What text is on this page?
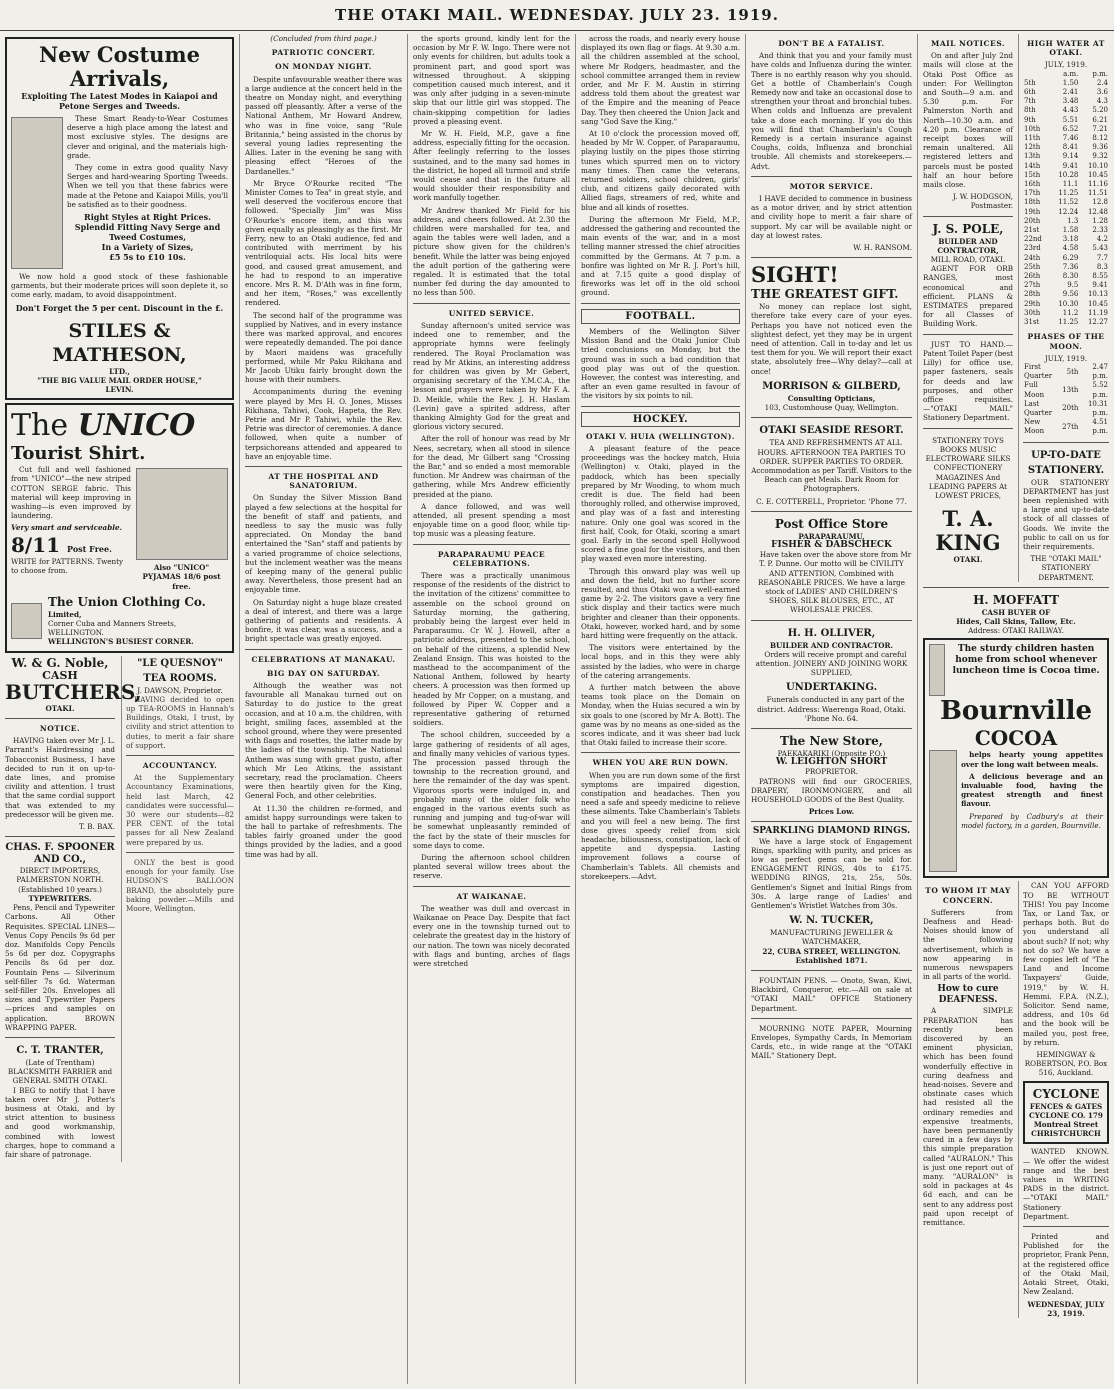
THE OTAKI MAIL. WEDNESDAY. JULY 23. 1919.
New Costume Arrivals,
Exploiting The Latest Modes in Kaiapoi and Petone Serges and Tweeds.

These Smart Ready-to-Wear Costumes deserve a high place among the latest and most exclusive styles. The designs are clever and original, and the materials high-grade.

They come in extra good quality Navy Serges and hard-wearing Sporting Tweeds. When we tell you that these fabrics were made at the Petone and Kaiapoi Mills, you'll be satisfied as to their goodness.

Right Styles at Right Prices.
Splendid Fitting Navy Serge and Tweed Costumes,
In a Variety of Sizes,
£5 5s to £10 10s.

We now hold a good stock of these fashionable garments, but their moderate prices will soon deplete it, so come early, madam, to avoid disappointment.

Don't Forget the 5 per cent. Discount in the £.
STILES & MATHESON,
LTD.,
"THE BIG VALUE MAIL ORDER HOUSE,"
LEVIN.
The UNICO
Tourist Shirt.

Cut full and well fashioned from "UNICO"—the new striped COTTON SERGE fabric. This material will keep improving in washing—is even improved by laundering.

Very smart and serviceable.
8/11 Post Free.
WRITE for PATTERNS. Twenty to choose from.	Also "UNICO" PYJAMAS 18/6 post free.
The Union Clothing Co.
Limited,
Corner Cuba and Manners Streets, WELLINGTON.
WELLINGTON'S BUSIEST CORNER.
W. & G. Noble,
CASH
BUTCHERS,
OTAKI.
NOTICE.

HAVING taken over Mr J. L. Parrant's Hairdressing and Tobacconist Business, I have decided to run it on up-to-date lines, and promise civility and attention. I trust that the same cordial support that was extended to my predecessor will be given me.

T. B. BAX.
CHAS. F. SPOONER AND CO.,
DIRECT IMPORTERS, PALMERSTON NORTH. (Established 10 years.)
TYPEWRITERS.

Pens, Pencil and Typewriter Carbons. All Other Requisites. SPECIAL LINES— Venus Copy Pencils 9s 6d per doz. Manifolds Copy Pencils 5s 6d per doz. Copygraphs Pencils 8s 6d per doz. Fountain Pens — Silverinum self-filler 7s 6d. Waterman self-filler 20s. Envelopes all sizes and Typewriter Papers—prices and samples on application. BROWN WRAPPING PAPER.

C. T. TRANTER,
(Late of Trentham) BLACKSMITH FARRIER and GENERAL SMITH OTAKI.

I BEG to notify that I have taken over Mr J. Potter's business at Otaki, and by strict attention to business and good workmanship, combined with lowest charges, hope to command a fair share of patronage.

"LE QUESNOY" TEA ROOMS.
J. DAWSON, Proprietor.

HAVING decided to open up TEA-ROOMS in Hannah's Buildings, Otaki, I trust, by civility and strict attention to duties, to merit a fair share of support.

ACCOUNTANCY.

At the Supplementary Accountancy Examinations, held last March, 42 candidates were successful—30 were our students—82 PER CENT. of the total passes for all New Zealand were prepared by us.

ONLY the best is good enough for your family. Use HUDSON'S BALLOON BRAND, the absolutely pure baking powder.—Mills and Moore, Wellington.

(Concluded from third page.)
PATRIOTIC CONCERT.
ON MONDAY NIGHT.

Despite unfavourable weather there was a large audience at the concert held in the theatre on Monday night, and everything passed off pleasantly. After a verse of the National Anthem, Mr Howard Andrew, who was in fine voice, sang "Rule Britannia," being assisted in the chorus by several young ladies representing the Allies. Later in the evening he sang with pleasing effect "Heroes of the Dardanelles."

Mr Bryce O'Rourke recited "The Minister Comes to Tea" in great style, and well deserved the vociferous encore that followed. "Specially Jim" was Miss O'Rourke's encore item, and this was given equally as pleasingly as the first. Mr Ferry, new to an Otaki audience, fed and contributed with merriment by his ventriloquial acts. His local hits were good, and caused great amusement, and he had to respond to an imperative encore. Mrs R. M. D'Ath was in fine form, and her item, "Roses," was excellently rendered.

The second half of the programme was supplied by Natives, and in every instance there was marked approval, and encores were repeatedly demanded. The poi dance by Maori maidens was gracefully performed, while Mr Paku Rikihana and Mr Jacob Utiku fairly brought down the house with their numbers.

Accompaniments during the evening were played by Mrs H. O. Jones, Misses Rikihana, Tahiwi, Cook, Hapeta, the Rev. Petrie and Mr P. Tahiwi, while the Rev. Petrie was director of ceremonies. A dance followed, when quite a number of terpsichoreans attended and appeared to have an enjoyable time.

AT THE HOSPITAL AND SANATORIUM.

On Sunday the Silver Mission Band played a few selections at the hospital for the benefit of staff and patients, and needless to say the music was fully appreciated. On Monday the band entertained the "San" staff and patients by a varied programme of choice selections, but the inclement weather was the means of keeping many of the general public away. Nevertheless, those present had an enjoyable time.

On Saturday night a huge blaze created a deal of interest, and there was a large gathering of patients and residents. A bonfire, it was clear, was a success, and a bright spectacle was greatly enjoyed.

CELEBRATIONS AT MANAKAU.
BIG DAY ON SATURDAY.

Although the weather was not favourable all Manakau turned out on Saturday to do justice to the great occasion, and at 10 a.m. the children, with bright, smiling faces, assembled at the school ground, where they were presented with flags and rosettes, the latter made by the ladies of the township. The National Anthem was sung with great gusto, after which Mr Leo Atkins, the assistant secretary, read the proclamation. Cheers were then heartily given for the King, General Foch, and other celebrities.

At 11.30 the children re-formed, and amidst happy surroundings were taken to the hall to partake of refreshments. The tables fairly groaned under the good things provided by the ladies, and a good time was had by all.

the sports ground, kindly lent for the occasion by Mr F. W. Ingo. There were not only events for children, but adults took a prominent part, and good sport was witnessed throughout. A skipping competition caused much interest, and it was only after judging in a seven-minute skip that our little girl was stopped. The chain-skipping competition for ladies proved a pleasing event.

Mr W. H. Field, M.P., gave a fine address, especially fitting for the occasion. After feelingly referring to the losses sustained, and to the many sad homes in the district, he hoped all turmoil and strife would cease and that in the future all would shoulder their responsibility and work manfully together.

Mr Andrew thanked Mr Field for his address, and cheers followed. At 2.30 the children were marshalled for tea, and again the tables were well laden, and a picture show given for the children's benefit. While the latter was being enjoyed the adult portion of the gathering were regaled. It is estimated that the total number fed during the day amounted to no less than 500.

UNITED SERVICE.

Sunday afternoon's united service was indeed one to remember, and the appropriate hymns were feelingly rendered. The Royal Proclamation was read by Mr Atkins, an interesting address for children was given by Mr Gebert, organising secretary of the Y.M.C.A., the lesson and prayers were taken by Mr F. A. D. Meikle, while the Rev. J. H. Haslam (Levin) gave a spirited address, after thanking Almighty God for the great and glorious victory secured.

After the roll of honour was read by Mr Nees, secretary, when all stood in silence for the dead, Mr Gilbert sang "Crossing the Bar," and so ended a most memorable function. Mr Andrew was chairman of the gathering, while Mrs Andrew efficiently presided at the piano.

A dance followed, and was well attended, all present spending a most enjoyable time on a good floor, while tip-top music was a pleasing feature.

PARAPARAUMU PEACE CELEBRATIONS.

There was a practically unanimous response of the residents of the district to the invitation of the citizens' committee to assemble on the school ground on Saturday morning, the gathering, probably being the largest ever held in Paraparaumu. Cr W. J. Howell, after a patriotic address, presented to the school, on behalf of the citizens, a splendid New Zealand Ensign. This was hoisted to the masthead to the accompaniment of the National Anthem, followed by hearty cheers. A procession was then formed up headed by Mr Copper, on a mustang, and followed by Piper W. Copper and a representative gathering of returned soldiers.

The school children, succeeded by a large gathering of residents of all ages, and finally many vehicles of various types. The procession passed through the township to the recreation ground, and here the remainder of the day was spent. Vigorous sports were indulged in, and probably many of the older folk who engaged in the various events such as running and jumping and tug-of-war will be somewhat unpleasantly reminded of the fact by the state of their muscles for some days to come.

During the afternoon school children planted several willow trees about the reserve.

AT WAIKANAE.

The weather was dull and overcast in Waikanae on Peace Day. Despite that fact every one in the township turned out to celebrate the greatest day in the history of our nation. The town was nicely decorated with flags and bunting, arches of flags were stretched

across the roads, and nearly every house displayed its own flag or flags. At 9.30 a.m. all the children assembled at the school, where Mr Rodgers, headmaster, and the school committee arranged them in review order, and Mr F. M. Austin in stirring address told them about the greatest war of the Empire and the meaning of Peace Day. They then cheered the Union Jack and sang "God Save the King."

At 10 o'clock the procession moved off, headed by Mr W. Copper, of Paraparaumu, playing lustily on the pipes those stirring tunes which spurred men on to victory many times. Then came the veterans, returned soldiers, school children, girls' club, and citizens gaily decorated with Allied flags, streamers of red, white and blue and all kinds of rosettes.

During the afternoon Mr Field, M.P., addressed the gathering and recounted the main events of the war, and in a most telling manner stressed the chief atrocities committed by the Germans. At 7 p.m. a bonfire was lighted on Mr R. J. Port's hill, and at 7.15 quite a good display of fireworks was let off in the old school ground.

FOOTBALL.

Members of the Wellington Silver Mission Band and the Otaki Junior Club tried conclusions on Monday, but the ground was in such a bad condition that good play was out of the question. However, the contest was interesting, and after an even game resulted in favour of the visitors by six points to nil.

HOCKEY.
OTAKI V. HUIA (WELLINGTON).

A pleasant feature of the peace proceedings was the hockey match, Huia (Wellington) v. Otaki, played in the paddock, which has been specially prepared by Mr Wooding, to whom much credit is due. The field had been thoroughly rolled, and otherwise improved, and play was of a fast and interesting nature. Only one goal was scored in the first half, Cook, for Otaki, scoring a smart goal. Early in the second spell Hollywood scored a fine goal for the visitors, and then play waxed even more interesting.

Through this onward play was well up and down the field, but no further score resulted, and thus Otaki won a well-earned game by 2-2. The visitors gave a very fine stick display and their tactics were much brighter and cleaner than their opponents. Otaki, however, worked hard, and by some hard hitting were frequently on the attack.

The visitors were entertained by the local hops, and in this they were ably assisted by the ladies, who were in charge of the catering arrangements.

A further match between the above teams took place on the Domain on Monday, when the Huias secured a win by six goals to one (scored by Mr A. Bott). The game was by no means as one-sided as the scores indicate, and it was sheer bad luck that Otaki failed to increase their score.

WHEN YOU ARE RUN DOWN.

When you are run down some of the first symptoms are impaired digestion, constipation and headaches. Then you need a safe and speedy medicine to relieve these ailments. Take Chamberlain's Tablets and you will feel a new being. The first dose gives speedy relief from sick headache, biliousness, constipation, lack of appetite and dyspepsia. Lasting improvement follows a course of Chamberlain's Tablets. All chemists and storekeepers.—Advt.

DON'T BE A FATALIST.

And think that you and your family must have colds and Influenza during the winter. There is no earthly reason why you should. Get a bottle of Chamberlain's Cough Remedy now and take an occasional dose to strengthen your throat and bronchial tubes. When colds and Influenza are prevalent take a dose each morning. If you do this you will find that Chamberlain's Cough Remedy is a certain insurance against Coughs, colds, Influenza and bronchial trouble. All chemists and storekeepers.—Advt.

MOTOR SERVICE.

I HAVE decided to commence in business as a motor driver, and by strict attention and civility hope to merit a fair share of support. My car will be available night or day at lowest rates.

W. H. RANSOM.
SIGHT!
THE GREATEST GIFT.

No money can replace lost sight, therefore take every care of your eyes. Perhaps you have not noticed even the slightest defect, yet they may be in urgent need of attention. Call in to-day and let us test them for you. We will report their exact state, absolutely free—Why delay?—call at once!

MORRISON & GILBERD,
Consulting Opticians,
103, Customhouse Quay, Wellington.
OTAKI SEASIDE RESORT.

TEA AND REFRESHMENTS AT ALL HOURS. AFTERNOON TEA PARTIES TO ORDER. SUPPER PARTIES TO ORDER. Accommodation as per Tariff. Visitors to the Beach can get Meals. Dark Room for Photographers.

C. E. COTTERELL, Proprietor. 'Phone 77.
Post Office Store
PARAPARAUMU,
FISHER & DABSCHECK

Have taken over the above store from Mr T. P. Dunne. Our motto will be CIVILITY AND ATTENTION, Combined with REASONABLE PRICES. We have a large stock of LADIES' AND CHILDREN'S SHOES, SILK BLOUSES, ETC., AT WHOLESALE PRICES.

H. H. OLLIVER,
BUILDER AND CONTRACTOR.

Orders will receive prompt and careful attention. JOINERY AND JOINING WORK SUPPLIED,

UNDERTAKING.

Funerals conducted in any part of the district. Address: Waerenga Road, Otaki. 'Phone No. 64.

The New Store,
PAEKAKARIKI (Opposite P.O.)
W. LEIGHTON SHORT
PROPRIETOR.

PATRONS will find our GROCERIES, DRAPERY, IRONMONGERY, and all HOUSEHOLD GOODS of the Best Quality.

Prices Low.
SPARKLING DIAMOND RINGS.

We have a large stock of Engagement Rings, sparkling with purity, and prices as low as perfect gems can be sold for. ENGAGEMENT RINGS, 40s to £175. WEDDING RINGS, 21s, 25s, 50s. Gentlemen's Signet and Initial Rings from 30s. A large range of Ladies' and Gentlemen's Wristlet Watches from 30s.

W. N. TUCKER,
MANUFACTURING JEWELLER & WATCHMAKER,
22, CUBA STREET, WELLINGTON. Established 1871.

FOUNTAIN PENS. — Onoto, Swan, Kiwi, Blackbird, Conqueror, etc.—All on sale at "OTAKI MAIL" OFFICE Stationery Department.

MOURNING NOTE PAPER, Mourning Envelopes, Sympathy Cards, In Memoriam Cards, etc., in wide range at the "OTAKI MAIL" Stationery Dept.

MAIL NOTICES.

On and after July 2nd mails will close at the Otaki Post Office as under: For Wellington and South—9 a.m. and 5.30 p.m. For Palmerston North and North—10.30 a.m. and 4.20 p.m. Clearance of receipt boxes will remain unaltered. All registered letters and parcels must be posted half an hour before mails close.

J. W. HODGSON, Postmaster.
J. S. POLE,
BUILDER AND CONTRACTOR,
MILL ROAD, OTAKI.

AGENT FOR ORB RANGES, most economical and efficient. PLANS & ESTIMATES prepared for all Classes of Building Work.

JUST TO HAND.—Patent Toilet Paper (best Lilly) for office use, paper fasteners, seals for deeds and law purposes, and other office requisites.—"OTAKI MAIL" Stationery Department.

STATIONERY TOYS BOOKS MUSIC ELECTROWARE SILKS CONFECTIONERY MAGAZINES And LEADING PAPERS At LOWEST PRICES,

T. A. KING
OTAKI.
HIGH WATER AT OTAKI.
JULY, 1919.
	a.m.	p.m.
5th	1.50	2.4
6th	2.41	3.6
7th	3.48	4.3
8th	4.43	5.20
9th	5.51	6.21
10th	6.52	7.21
11th	7.46	8.12
12th	8.41	9.36
13th	9.14	9.32
14th	9.41	10.10
15th	10.28	10.45
16th	11.1	11.16
17th	11.25	11.51
18th	11.52	12.8
19th	12.24	12.48
20th	1.3	1.28
21st	1.58	2.33
22nd	3.18	4.2
23rd	4.58	5.43
24th	6.29	7.7
25th	7.36	8.3
26th	8.30	8.55
27th	9.5	9.41
28th	9.56	10.13
29th	10.30	10.45
30th	11.2	11.19
31st	11.25	12.27
PHASES OF THE MOON.
JULY, 1919.
First Quarter	5th	2.47 p.m.
Full Moon	13th	5.52 p.m.
Last Quarter	20th	10.31 p.m.
New Moon	27th	4.51 p.m.
UP-TO-DATE
STATIONERY.

OUR STATIONERY DEPARTMENT has just been replenished with a large and up-to-date stock of all classes of Goods. We invite the public to call on us for their requirements.

THE "OTAKI MAIL" STATIONERY DEPARTMENT.
H. MOFFATT
CASH BUYER OF
Hides, Call Skins, Tallow, Etc.
Address: OTAKI RAILWAY.
The sturdy children hasten home from school whenever luncheon time is Cocoa time.
Bournville
COCOA

helps hearty young appetites over the long wait between meals.

A delicious beverage and an invaluable food, having the greatest strength and finest flavour.

Prepared by Cadbury's at their model factory, in a garden, Bournville.

TO WHOM IT MAY CONCERN.

Sufferers from Deafness and Head-Noises should know of the following advertisement, which is now appearing in numerous newspapers in all parts of the world.

How to cure DEAFNESS.

A SIMPLE PREPARATION has recently been discovered by an eminent physician, which has been found wonderfully effective in curing deafness and head-noises. Severe and obstinate cases which had resisted all the ordinary remedies and expensive treatments, have been permanently cured in a few days by this simple preparation called "AURALON." This is just one report out of many. "AURALON" is sold in packages at 4s 6d each, and can be sent to any address post paid upon receipt of remittance.

CAN YOU AFFORD TO BE WITHOUT THIS! You pay Income Tax, or Land Tax, or perhaps both. But do you understand all about such? If not; why not do so? We have a few copies left of "The Land and Income Taxpayers' Guide, 1919," by W. H. Hemmi. F.P.A. (N.Z.), Solicitor. Send name, address, and 10s 6d and the book will be mailed you, post free, by return.

HEMINGWAY & ROBERTSON, P.O. Box 516, Auckland.
CYCLONE
FENCES & GATES
CYCLONE CO. 179 Montreal Street CHRISTCHURCH

WANTED KNOWN. — We offer the widest range and the best values in WRITING PADS in the district.—"OTAKI MAIL" Stationery Department.

Printed and Published for the proprietor, Frank Penn, at the registered office of the Otaki Mail, Aotaki Street, Otaki, New Zealand.

WEDNESDAY, JULY 23, 1919.
